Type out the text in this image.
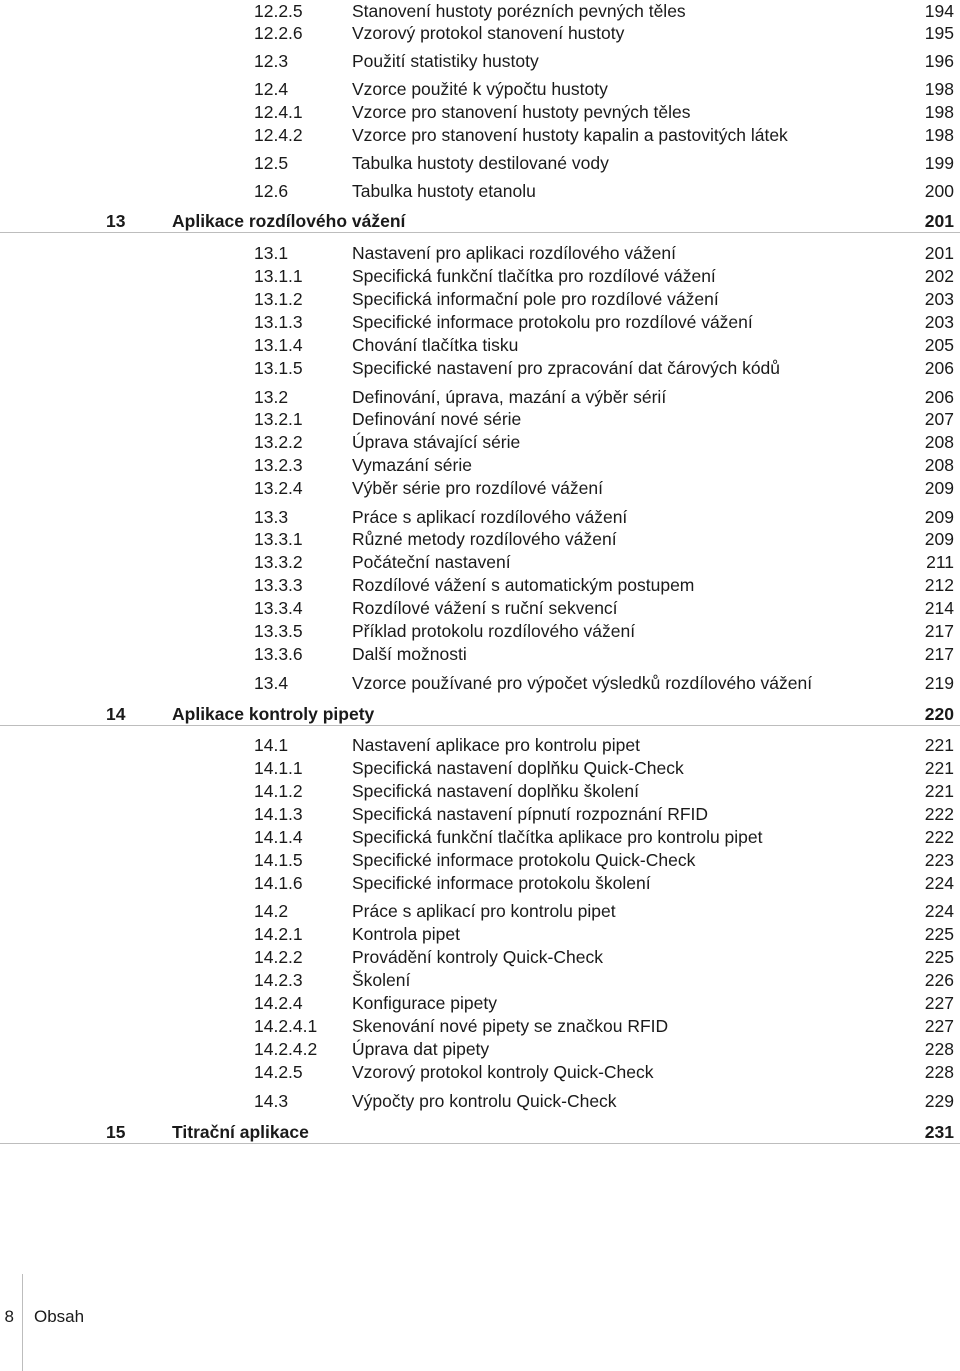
12.2.5	Stanovení hustoty porézních pevných těles	194
12.2.6	Vzorový protokol stanovení hustoty	195
12.3	Použití statistiky hustoty	196
12.4	Vzorce použité k výpočtu hustoty	198
12.4.1	Vzorce pro stanovení hustoty pevných těles	198
12.4.2	Vzorce pro stanovení hustoty kapalin a pastovitých látek	198
12.5	Tabulka hustoty destilované vody	199
12.6	Tabulka hustoty etanolu	200
13	Aplikace rozdílového vážení	201
13.1	Nastavení pro aplikaci rozdílového vážení	201
13.1.1	Specifická funkční tlačítka pro rozdílové vážení	202
13.1.2	Specifická informační pole pro rozdílové vážení	203
13.1.3	Specifické informace protokolu pro rozdílové vážení	203
13.1.4	Chování tlačítka tisku	205
13.1.5	Specifické nastavení pro zpracování dat čárových kódů	206
13.2	Definování, úprava, mazání a výběr sérií	206
13.2.1	Definování nové série	207
13.2.2	Úprava stávající série	208
13.2.3	Vymazání série	208
13.2.4	Výběr série pro rozdílové vážení	209
13.3	Práce s aplikací rozdílového vážení	209
13.3.1	Různé metody rozdílového vážení	209
13.3.2	Počáteční nastavení	211
13.3.3	Rozdílové vážení s automatickým postupem	212
13.3.4	Rozdílové vážení s ruční sekvencí	214
13.3.5	Příklad protokolu rozdílového vážení	217
13.3.6	Další možnosti	217
13.4	Vzorce používané pro výpočet výsledků rozdílového vážení	219
14	Aplikace kontroly pipety	220
14.1	Nastavení aplikace pro kontrolu pipet	221
14.1.1	Specifická nastavení doplňku Quick-Check	221
14.1.2	Specifická nastavení doplňku školení	221
14.1.3	Specifická nastavení pípnutí rozpoznání RFID	222
14.1.4	Specifická funkční tlačítka aplikace pro kontrolu pipet	222
14.1.5	Specifické informace protokolu Quick-Check	223
14.1.6	Specifické informace protokolu školení	224
14.2	Práce s aplikací pro kontrolu pipet	224
14.2.1	Kontrola pipet	225
14.2.2	Provádění kontroly Quick-Check	225
14.2.3	Školení	226
14.2.4	Konfigurace pipety	227
14.2.4.1 Skenování nové pipety se značkou RFID	227
14.2.4.2 Úprava dat pipety	228
14.2.5	Vzorový protokol kontroly Quick-Check	228
14.3	Výpočty pro kontrolu Quick-Check	229
15	Titrační aplikace	231
8 Obsah
